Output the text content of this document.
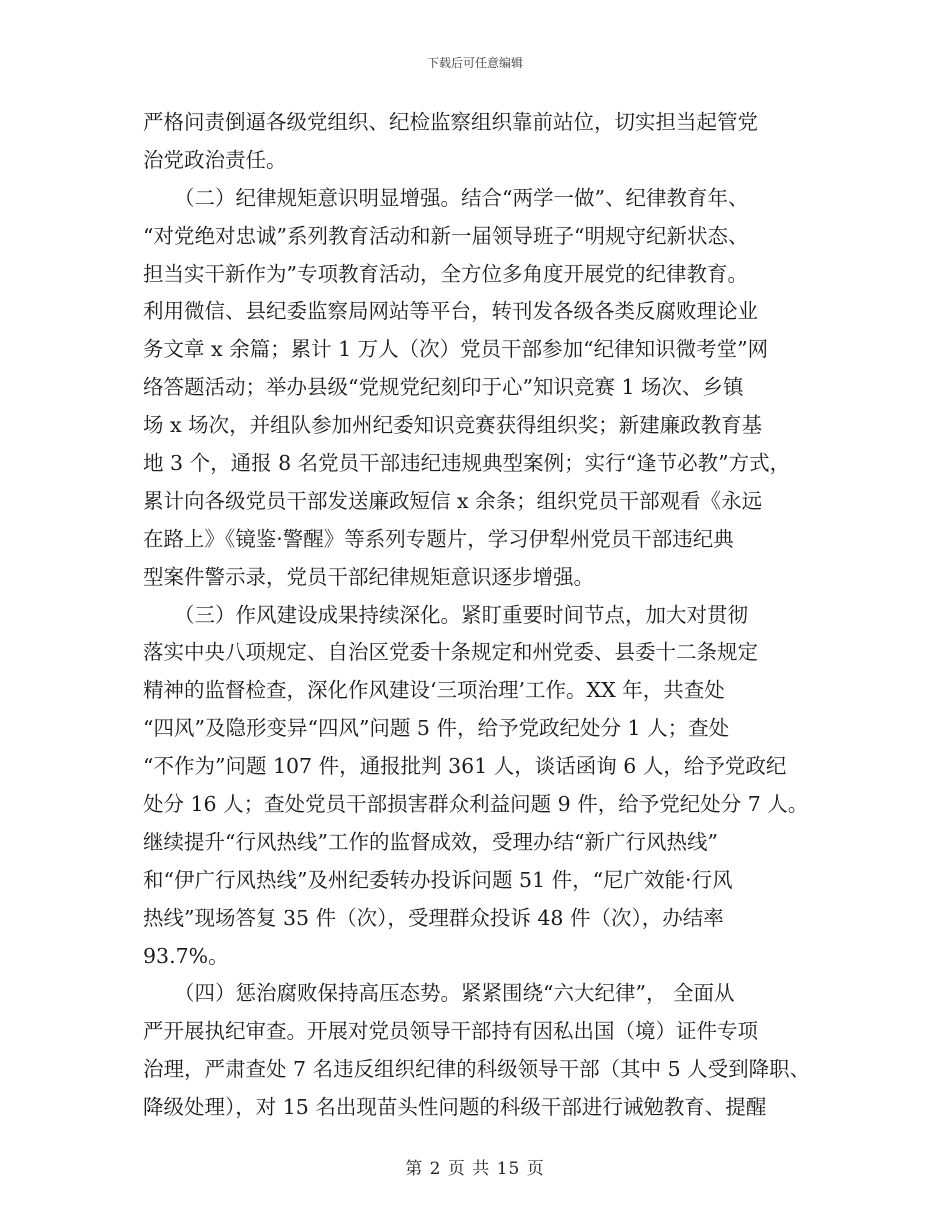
下载后可任意编辑
严格问责倒逼各级党组织、纪检监察组织靠前站位，切实担当起管党
治党政治责任。
（二）纪律规矩意识明显增强。结合“两学一做”、纪律教育年、
“对党绝对忠诚”系列教育活动和新一届领导班子“明规守纪新状态、
担当实干新作为”专项教育活动，全方位多角度开展党的纪律教育。
利用微信、县纪委监察局网站等平台，转刊发各级各类反腐败理论业
务文章 x 余篇；累计 1 万人（次）党员干部参加“纪律知识微考堂”网
络答题活动；举办县级“党规党纪刻印于心”知识竞赛 1 场次、乡镇
场 x 场次，并组队参加州纪委知识竞赛获得组织奖；新建廉政教育基
地 3 个，通报 8 名党员干部违纪违规典型案例；实行“逢节必教”方式，
累计向各级党员干部发送廉政短信 x 余条；组织党员干部观看《永远
在路上》《镜鉴·警醒》等系列专题片，学习伊犁州党员干部违纪典
型案件警示录，党员干部纪律规矩意识逐步增强。
（三）作风建设成果持续深化。紧盯重要时间节点，加大对贯彻
落实中央八项规定、自治区党委十条规定和州党委、县委十二条规定
精神的监督检查，深化作风建设‘三项治理’工作。XX 年，共查处
“四风”及隐形变异“四风”问题 5 件，给予党政纪处分 1 人；查处
“不作为”问题 107 件，通报批判 361 人，谈话函询 6 人，给予党政纪
处分 16 人；查处党员干部损害群众利益问题 9 件，给予党纪处分 7 人。
继续提升“行风热线”工作的监督成效，受理办结“新广行风热线”
和“伊广行风热线”及州纪委转办投诉问题 51 件，“尼广效能·行风
热线”现场答复 35 件（次），受理群众投诉 48 件（次），办结率
93.7%。
（四）惩治腐败保持高压态势。紧紧围绕“六大纪律”， 全面从
严开展执纪审查。开展对党员领导干部持有因私出国（境）证件专项
治理，严肃查处 7 名违反组织纪律的科级领导干部（其中 5 人受到降职、
降级处理），对 15 名出现苗头性问题的科级干部进行诫勉教育、提醒
第 2 页 共 15 页
